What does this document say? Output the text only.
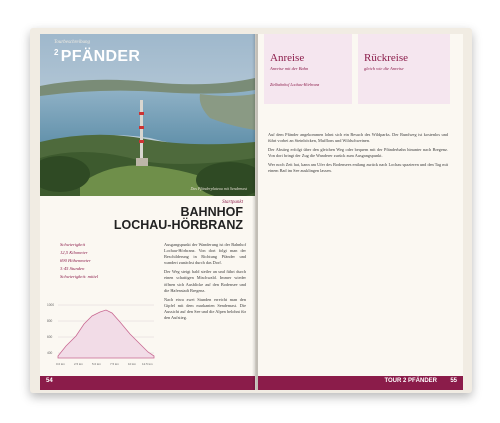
Tourbeschreibung
$^2$ PFÄNDER
Das Pfänderplateau mit Sendemast
Startpunkt
BAHNHOF
LOCHAU-HÖRBRANZ
Schwierigkeit
12,5 Kilometer
690 Höhenmeter
3:45 Stunden
Schwierigkeit: mittel
1000
800
600
400
0.0 km	2.5 km	5.0 km	7.5 km	10 km 12.5 km

Ausgangspunkt der Wanderung ist der Bahnhof Lochau-Hörbranz. Von dort folgt man der Beschilderung in Richtung Pfänder und wandert zunächst durch das Dorf.

Der Weg steigt bald steiler an und führt durch einen schattigen Mischwald. Immer wieder öffnen sich Ausblicke auf den Bodensee und die Hafenstadt Bregenz.

Nach etwa zwei Stunden erreicht man den Gipfel mit dem markanten Sendemast. Die Aussicht auf den See und die Alpen belohnt für den Aufstieg.

54
Anreise
Anreise mit der Bahn
Zielbahnhof Lochau-Hörbranz
Rückreise
gleich wie die Anreise

Auf dem Pfänder angekommen lohnt sich ein Besuch des Wildparks. Der Rundweg ist kostenlos und führt vorbei an Steinböcken, Mufflons und Wildschweinen.

Der Abstieg erfolgt über den gleichen Weg oder bequem mit der Pfänderbahn hinunter nach Bregenz. Von dort bringt der Zug die Wanderer zurück zum Ausgangspunkt.

Wer noch Zeit hat, kann am Ufer des Bodensees entlang zurück nach Lochau spazieren und den Tag mit einem Bad im See ausklingen lassen.

TOUR 2 PFÄNDER 55
